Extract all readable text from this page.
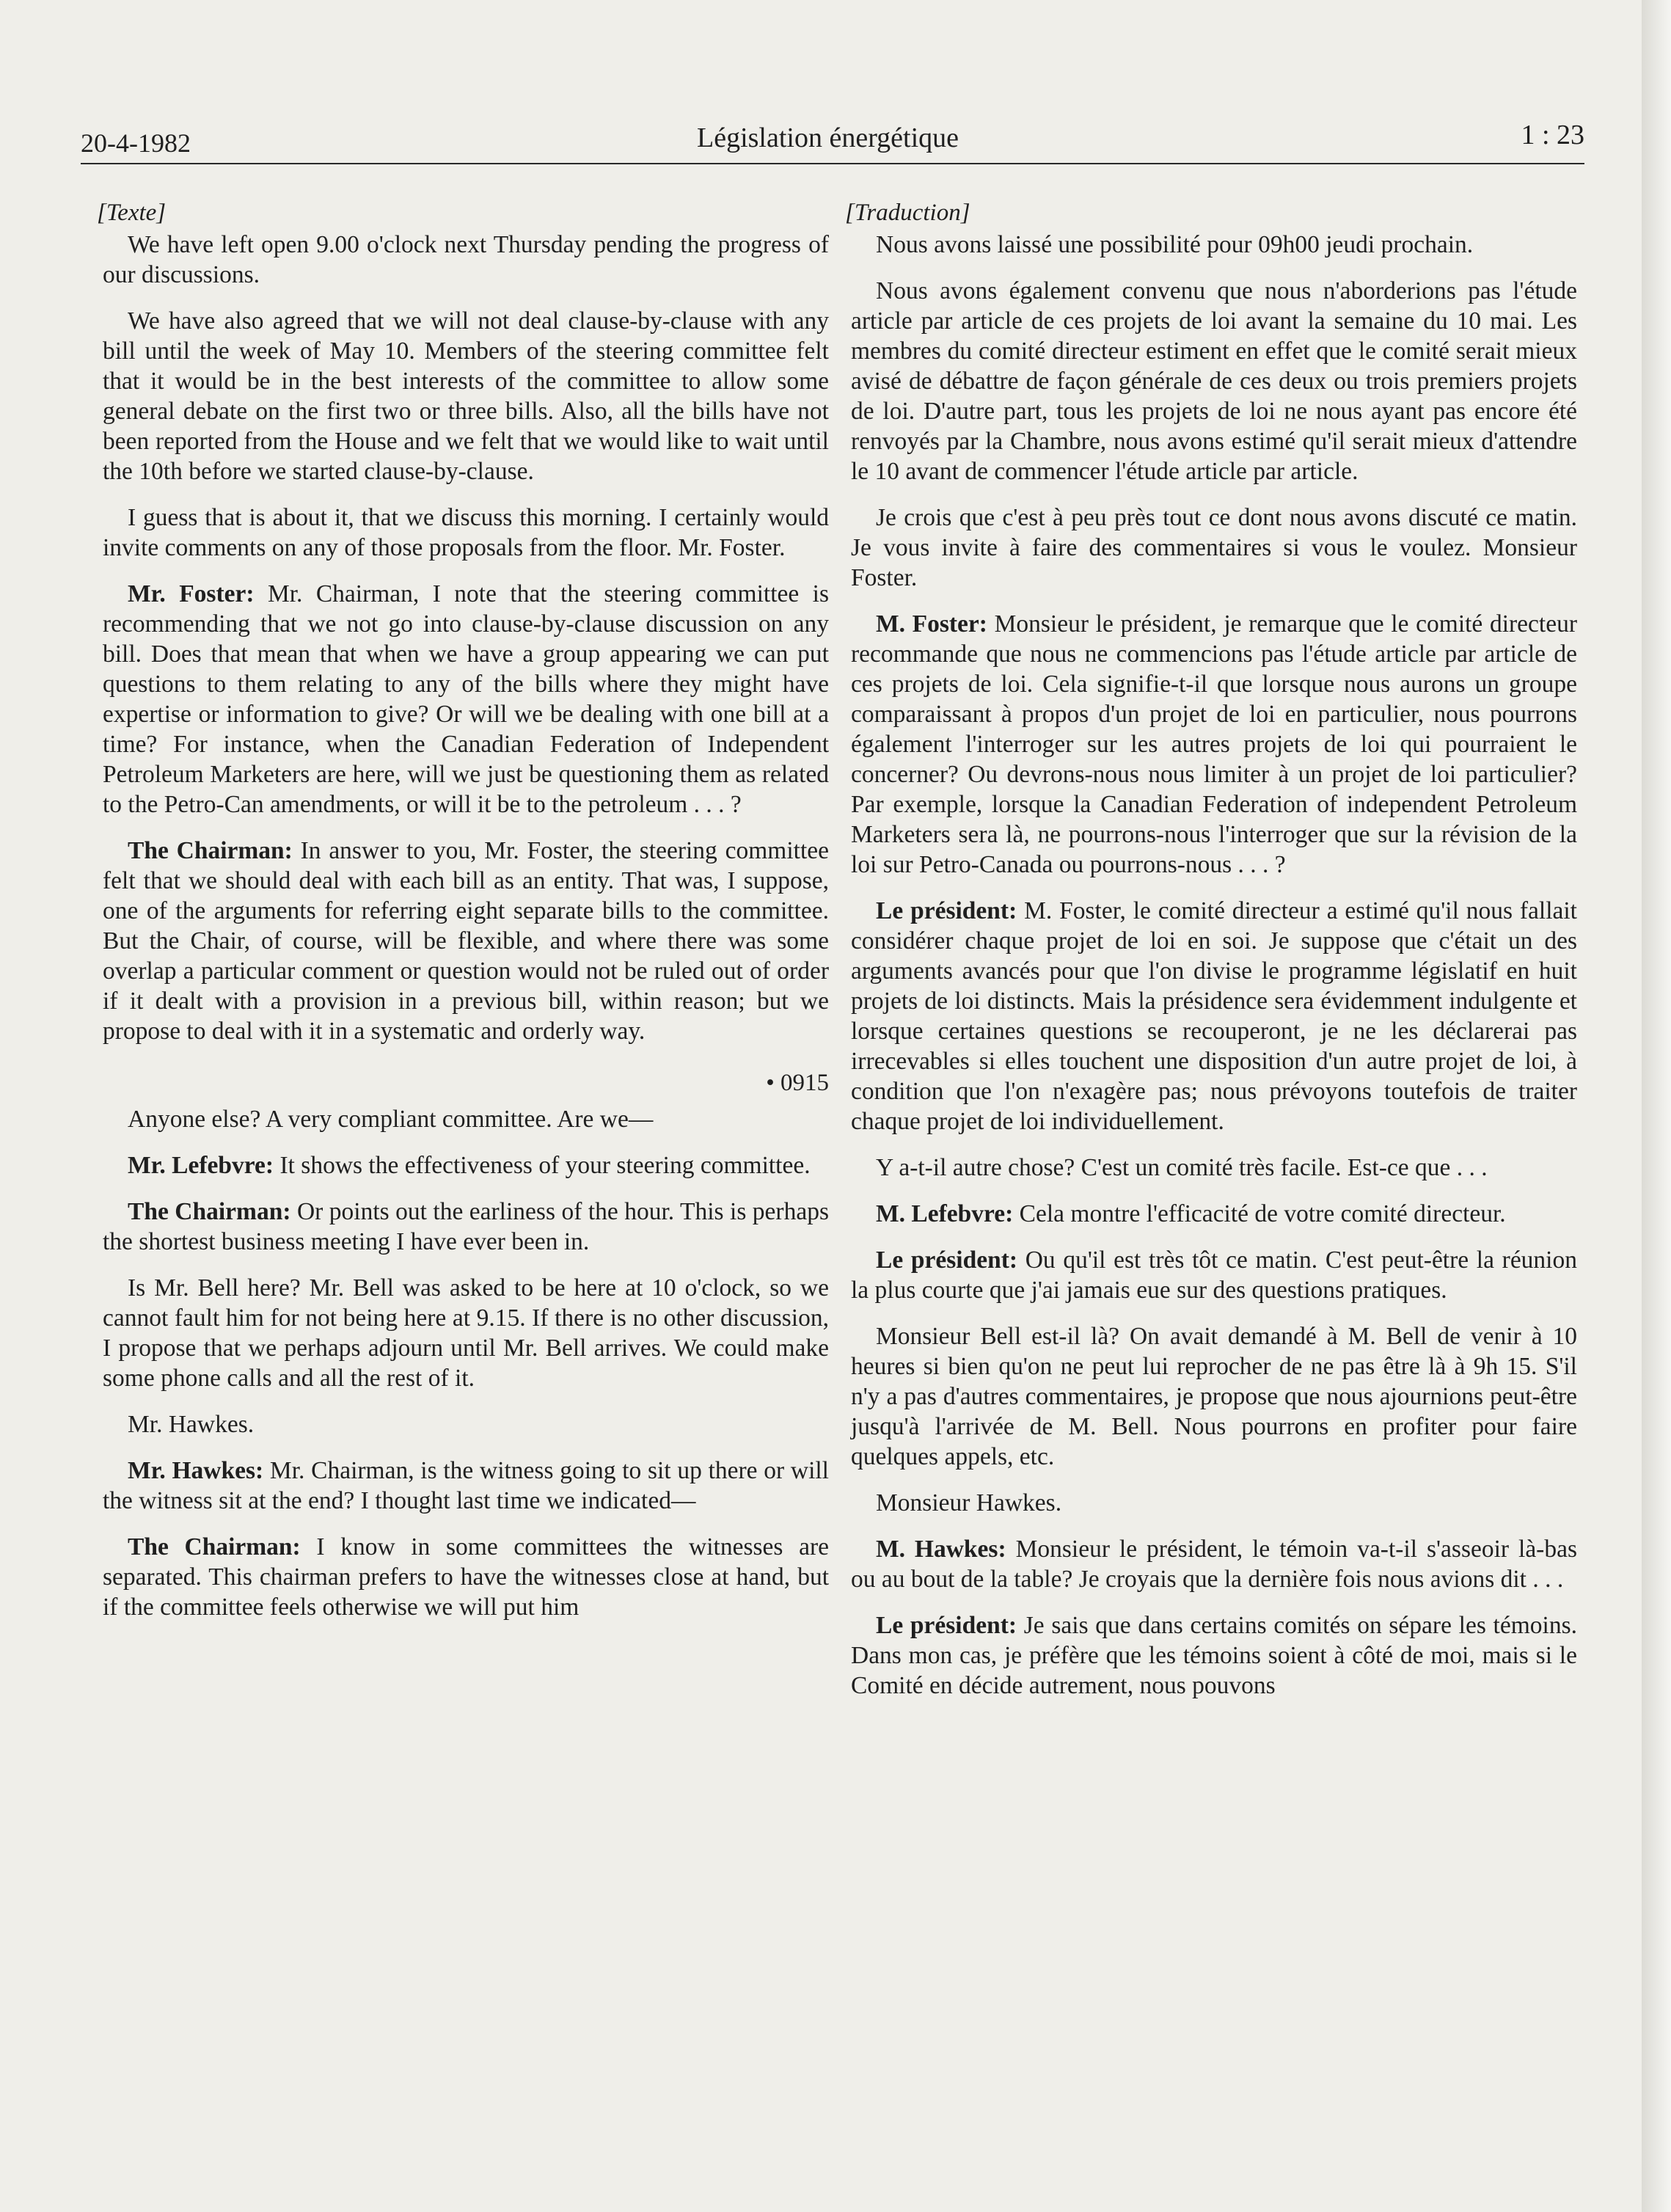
20-4-1982	Législation énergétique	1 : 23
[Texte]

We have left open 9.00 o'clock next Thursday pending the progress of our discussions.

We have also agreed that we will not deal clause-by-clause with any bill until the week of May 10. Members of the steering committee felt that it would be in the best interests of the committee to allow some general debate on the first two or three bills. Also, all the bills have not been reported from the House and we felt that we would like to wait until the 10th before we started clause-by-clause.

I guess that is about it, that we discuss this morning. I certainly would invite comments on any of those proposals from the floor. Mr. Foster.

Mr. Foster: Mr. Chairman, I note that the steering committee is recommending that we not go into clause-by-clause discussion on any bill. Does that mean that when we have a group appearing we can put questions to them relating to any of the bills where they might have expertise or information to give? Or will we be dealing with one bill at a time? For instance, when the Canadian Federation of Independent Petroleum Marketers are here, will we just be questioning them as related to the Petro-Can amendments, or will it be to the petroleum . . . ?

The Chairman: In answer to you, Mr. Foster, the steering committee felt that we should deal with each bill as an entity. That was, I suppose, one of the arguments for referring eight separate bills to the committee. But the Chair, of course, will be flexible, and where there was some overlap a particular comment or question would not be ruled out of order if it dealt with a provision in a previous bill, within reason; but we propose to deal with it in a systematic and orderly way.

• 0915

Anyone else? A very compliant committee. Are we—

Mr. Lefebvre: It shows the effectiveness of your steering committee.

The Chairman: Or points out the earliness of the hour. This is perhaps the shortest business meeting I have ever been in.

Is Mr. Bell here? Mr. Bell was asked to be here at 10 o'clock, so we cannot fault him for not being here at 9.15. If there is no other discussion, I propose that we perhaps adjourn until Mr. Bell arrives. We could make some phone calls and all the rest of it.

Mr. Hawkes.

Mr. Hawkes: Mr. Chairman, is the witness going to sit up there or will the witness sit at the end? I thought last time we indicated—

The Chairman: I know in some committees the witnesses are separated. This chairman prefers to have the witnesses close at hand, but if the committee feels otherwise we will put him

[Traduction]

Nous avons laissé une possibilité pour 09h00 jeudi prochain.

Nous avons également convenu que nous n'aborderions pas l'étude article par article de ces projets de loi avant la semaine du 10 mai. Les membres du comité directeur estiment en effet que le comité serait mieux avisé de débattre de façon générale de ces deux ou trois premiers projets de loi. D'autre part, tous les projets de loi ne nous ayant pas encore été renvoyés par la Chambre, nous avons estimé qu'il serait mieux d'attendre le 10 avant de commencer l'étude article par article.

Je crois que c'est à peu près tout ce dont nous avons discuté ce matin. Je vous invite à faire des commentaires si vous le voulez. Monsieur Foster.

M. Foster: Monsieur le président, je remarque que le comité directeur recommande que nous ne commencions pas l'étude article par article de ces projets de loi. Cela signifie-t-il que lorsque nous aurons un groupe comparaissant à propos d'un projet de loi en particulier, nous pourrons également l'interroger sur les autres projets de loi qui pourraient le concerner? Ou devrons-nous nous limiter à un projet de loi particulier? Par exemple, lorsque la Canadian Federation of independent Petroleum Marketers sera là, ne pourrons-nous l'interroger que sur la révision de la loi sur Petro-Canada ou pourrons-nous . . . ?

Le président: M. Foster, le comité directeur a estimé qu'il nous fallait considérer chaque projet de loi en soi. Je suppose que c'était un des arguments avancés pour que l'on divise le programme législatif en huit projets de loi distincts. Mais la présidence sera évidemment indulgente et lorsque certaines questions se recouperont, je ne les déclarerai pas irrecevables si elles touchent une disposition d'un autre projet de loi, à condition que l'on n'exagère pas; nous prévoyons toutefois de traiter chaque projet de loi individuellement.

Y a-t-il autre chose? C'est un comité très facile. Est-ce que . . .

M. Lefebvre: Cela montre l'efficacité de votre comité directeur.

Le président: Ou qu'il est très tôt ce matin. C'est peut-être la réunion la plus courte que j'ai jamais eue sur des questions pratiques.

Monsieur Bell est-il là? On avait demandé à M. Bell de venir à 10 heures si bien qu'on ne peut lui reprocher de ne pas être là à 9h 15. S'il n'y a pas d'autres commentaires, je propose que nous ajournions peut-être jusqu'à l'arrivée de M. Bell. Nous pourrons en profiter pour faire quelques appels, etc.

Monsieur Hawkes.

M. Hawkes: Monsieur le président, le témoin va-t-il s'asseoir là-bas ou au bout de la table? Je croyais que la dernière fois nous avions dit . . .

Le président: Je sais que dans certains comités on sépare les témoins. Dans mon cas, je préfère que les témoins soient à côté de moi, mais si le Comité en décide autrement, nous pouvons
